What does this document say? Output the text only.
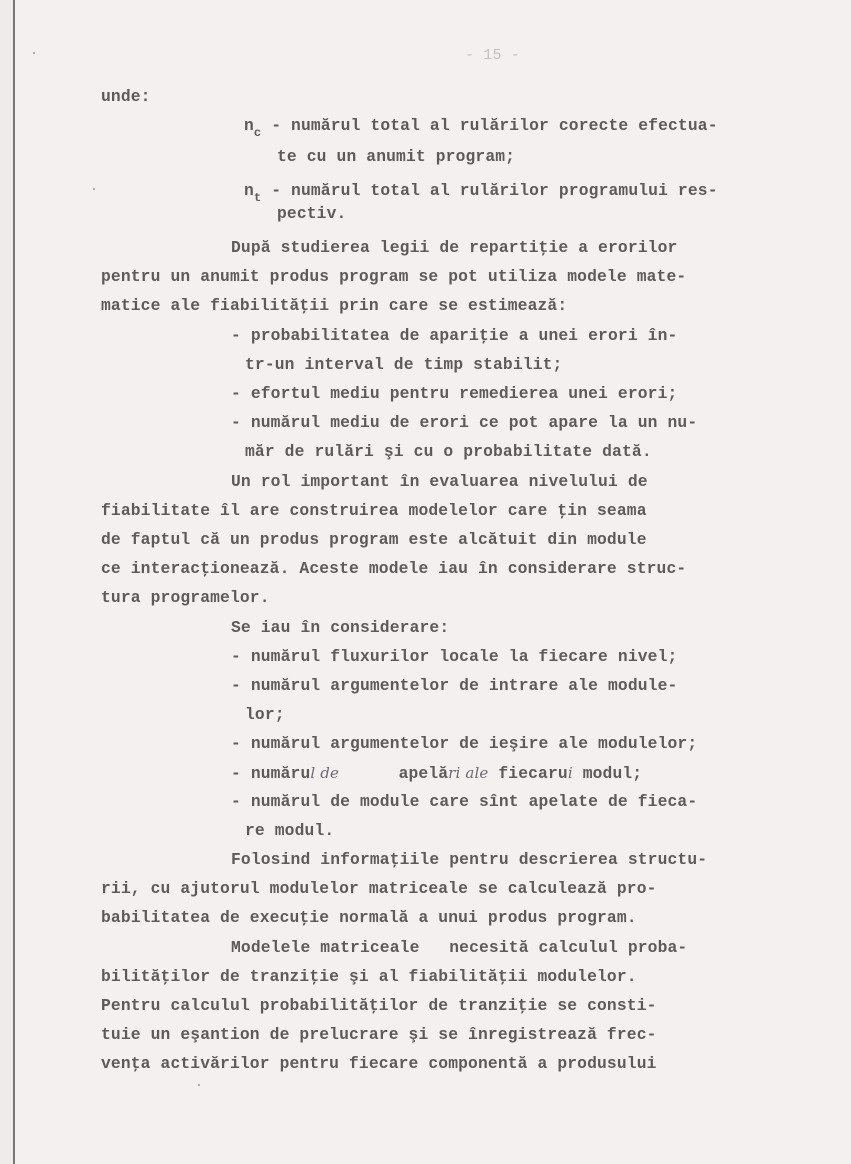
- 15 -
unde:
$n_c$ - numărul total al rulărilor corecte efectua-
te cu un anumit program;
$n_t$ - numărul total al rulărilor programului res-
pectiv.
După studierea legii de repartiţie a erorilor
pentru un anumit produs program se pot utiliza modele mate-
matice ale fiabilităţii prin care se estimează:
- probabilitatea de apariţie a unei erori în-
tr-un interval de timp stabilit;
- efortul mediu pentru remedierea unei erori;
- numărul mediu de erori ce pot apare la un nu-
măr de rulări şi cu o probabilitate dată.
Un rol important în evaluarea nivelului de
fiabilitate îl are construirea modelelor care ţin seama
de faptul că un produs program este alcătuit din module
ce interacţionează. Aceste modele iau în considerare struc-
tura programelor.
Se iau în considerare:
- numărul fluxurilor locale la fiecare nivel;
- numărul argumentelor de intrare ale module-
lor;
- numărul argumentelor de ieşire ale modulelor;
- numărul de	apelări ale fiecarui modul;
- numărul de module care sînt apelate de fieca-
re modul.
Folosind informaţiile pentru descrierea structu-
rii, cu ajutorul modulelor matriceale se calculează pro-
babilitatea de execuţie normală a unui produs program.
Modelele matriceale   necesită calculul proba-
bilităţilor de tranziţie şi al fiabilităţii modulelor.
Pentru calculul probabilităţilor de tranziţie se consti-
tuie un eşantion de prelucrare şi se înregistrează frec-
venţa activărilor pentru fiecare componentă a produsului
